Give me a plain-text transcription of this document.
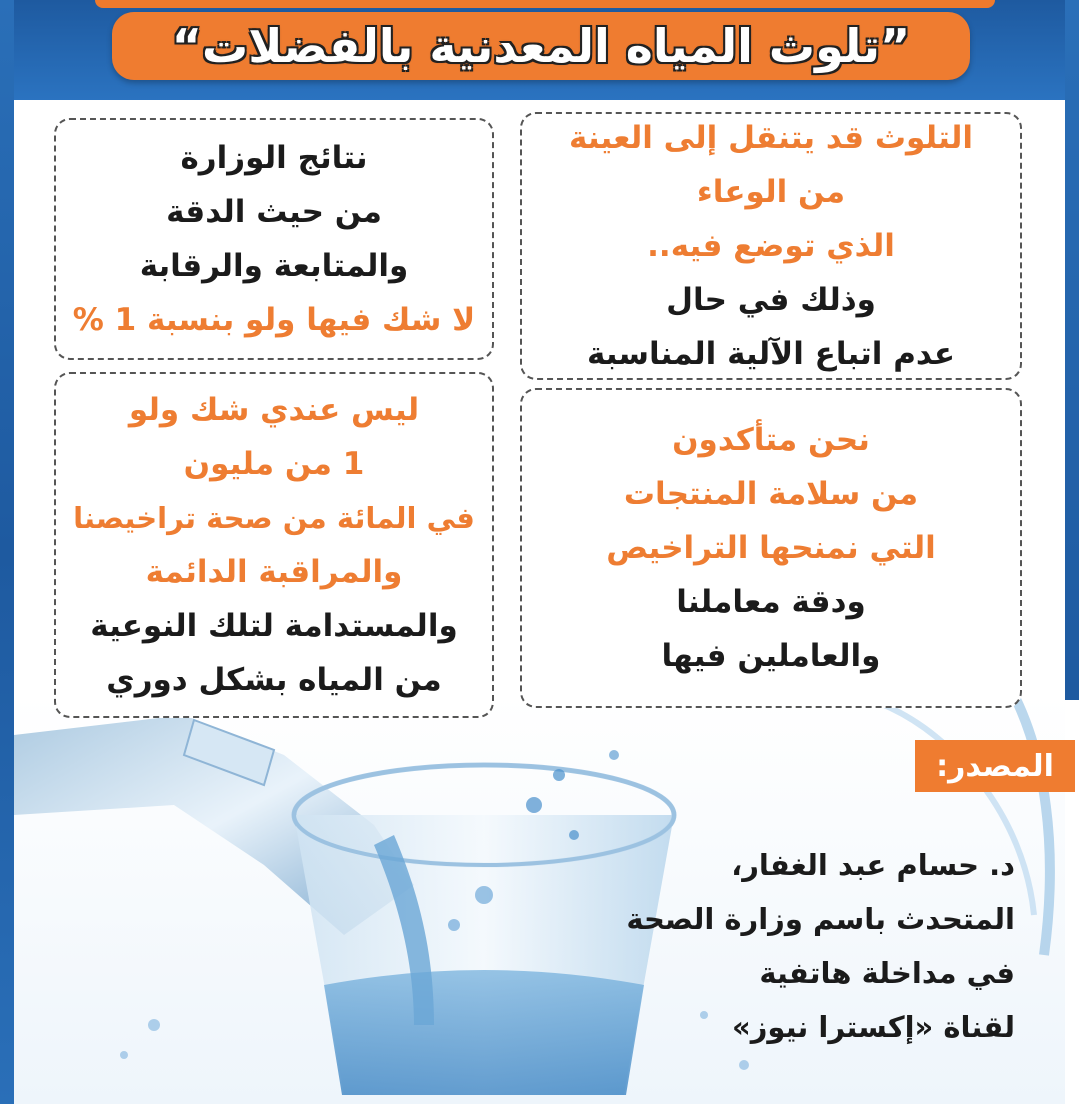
”تلوث المياه المعدنية بالفضلات“
التلوث قد يتنقل إلى العينة
من الوعاء
الذي توضع فيه..
وذلك في حال
عدم اتباع الآلية المناسبة
نتائج الوزارة
من حيث الدقة
والمتابعة والرقابة
لا شك فيها ولو بنسبة 1 %
نحن متأكدون
من سلامة المنتجات
التي نمنحها التراخيص
ودقة معاملنا
والعاملين فيها
ليس عندي شك ولو
1 من مليون
في المائة من صحة تراخيصنا
والمراقبة الدائمة
والمستدامة لتلك النوعية
من المياه بشكل دوري
المصدر:
د. حسام عبد الغفار،
المتحدث باسم وزارة الصحة
في مداخلة هاتفية
لقناة «إكسترا نيوز»
